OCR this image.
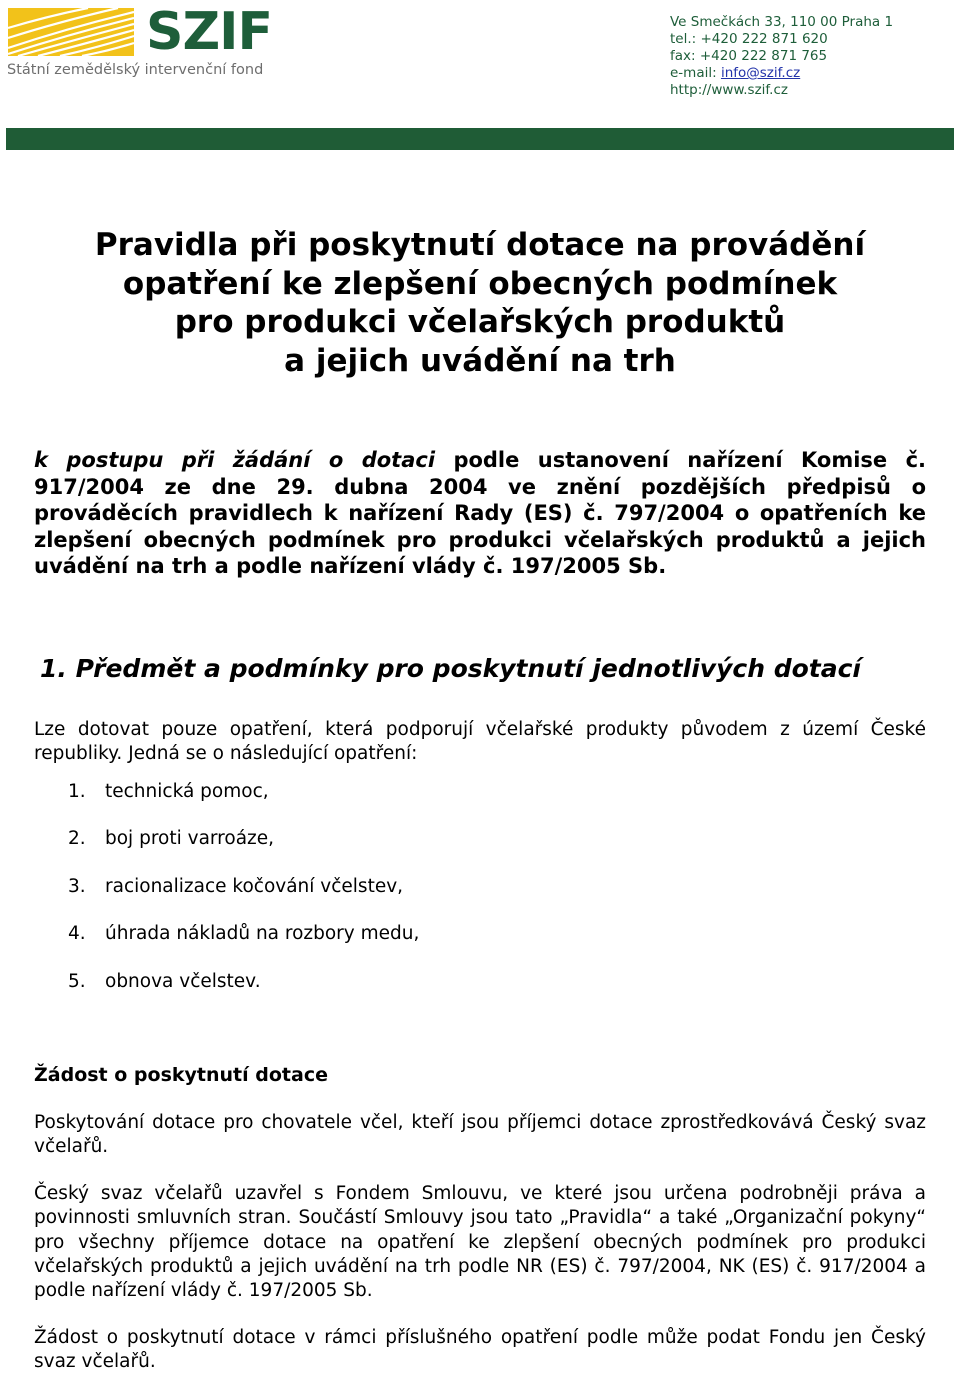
SZIF
Státní zemědělský intervenční fond
Ve Smečkách 33, 110 00 Praha 1
tel.: +420 222 871 620
fax: +420 222 871 765
e-mail: info@szif.cz
http://www.szif.cz
Pravidla při poskytnutí dotace na provádění
opatření ke zlepšení obecných podmínek
pro produkci včelařských produktů
a jejich uvádění na trh
k postupu při žádání o dotaci podle ustanovení nařízení Komise č. 917/2004 ze dne 29. dubna 2004 ve znění pozdějších předpisů o prováděcích pravidlech k nařízení Rady (ES) č. 797/2004 o opatřeních ke zlepšení obecných podmínek pro produkci včelařských produktů a jejich uvádění na trh a podle nařízení vlády č. 197/2005 Sb.
1. Předmět a podmínky pro poskytnutí jednotlivých dotací
Lze dotovat pouze opatření, která podporují včelařské produkty původem z území České republiky. Jedná se o následující opatření:
1. technická pomoc,
2. boj proti varroáze,
3. racionalizace kočování včelstev,
4. úhrada nákladů na rozbory medu,
5. obnova včelstev.
Žádost o poskytnutí dotace
Poskytování dotace pro chovatele včel, kteří jsou příjemci dotace zprostředkovává Český svaz včelařů.
Český svaz včelařů uzavřel s Fondem Smlouvu, ve které jsou určena podrobněji práva a povinnosti smluvních stran. Součástí Smlouvy jsou tato „Pravidla“ a také „Organizační pokyny“ pro všechny příjemce dotace na opatření ke zlepšení obecných podmínek pro produkci včelařských produktů a jejich uvádění na trh podle NR (ES) č. 797/2004, NK (ES) č. 917/2004 a podle nařízení vlády č. 197/2005 Sb.
Žádost o poskytnutí dotace v rámci příslušného opatření podle může podat Fondu jen Český svaz včelařů.
